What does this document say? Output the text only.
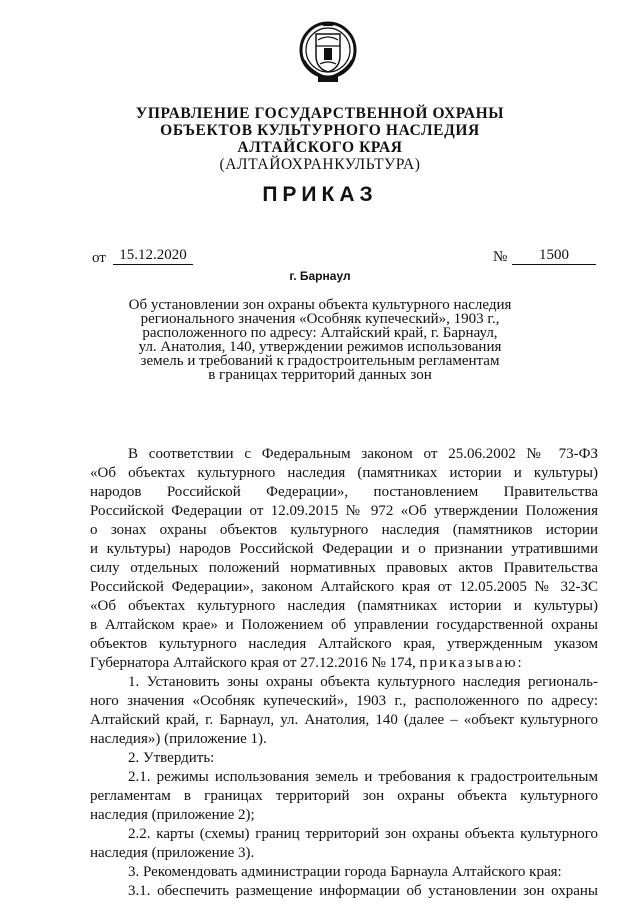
УПРАВЛЕНИЕ ГОСУДАРСТВЕННОЙ ОХРАНЫ
ОБЪЕКТОВ КУЛЬТУРНОГО НАСЛЕДИЯ
АЛТАЙСКОГО КРАЯ
(АЛТАЙОХРАНКУЛЬТУРА)
ПРИКАЗ
от 15.12.2020	№	1500
г. Барнаул
Об установлении зон охраны объекта культурного наследия
регионального значения «Особняк купеческий», 1903 г.,
расположенного по адресу: Алтайский край, г. Барнаул,
ул. Анатолия, 140, утверждении режимов использования
земель и требований к градостроительным регламентам
в границах территорий данных зон
В соответствии с Федеральным законом от 25.06.2002 № 73-ФЗ
«Об объектах культурного наследия (памятниках истории и культуры)
народов Российской Федерации», постановлением Правительства
Российской Федерации от 12.09.2015 № 972 «Об утверждении Положения
о зонах охраны объектов культурного наследия (памятников истории
и культуры) народов Российской Федерации и о признании утратившими
силу отдельных положений нормативных правовых актов Правительства
Российской Федерации», законом Алтайского края от 12.05.2005 № 32-ЗС
«Об объектах культурного наследия (памятниках истории и культуры)
в Алтайском крае» и Положением об управлении государственной охраны
объектов культурного наследия Алтайского края, утвержденным указом
Губернатора Алтайского края от 27.12.2016 № 174, приказываю:
1. Установить зоны охраны объекта культурного наследия региональ-
ного значения «Особняк купеческий», 1903 г., расположенного по адресу:
Алтайский край, г. Барнаул, ул. Анатолия, 140 (далее – «объект культурного
наследия») (приложение 1).
2. Утвердить:
2.1. режимы использования земель и требования к градостроительным
регламентам в границах территорий зон охраны объекта культурного
наследия (приложение 2);
2.2. карты (схемы) границ территорий зон охраны объекта культурного
наследия (приложение 3).
3. Рекомендовать администрации города Барнаула Алтайского края:
3.1. обеспечить размещение информации об установлении зон охраны
